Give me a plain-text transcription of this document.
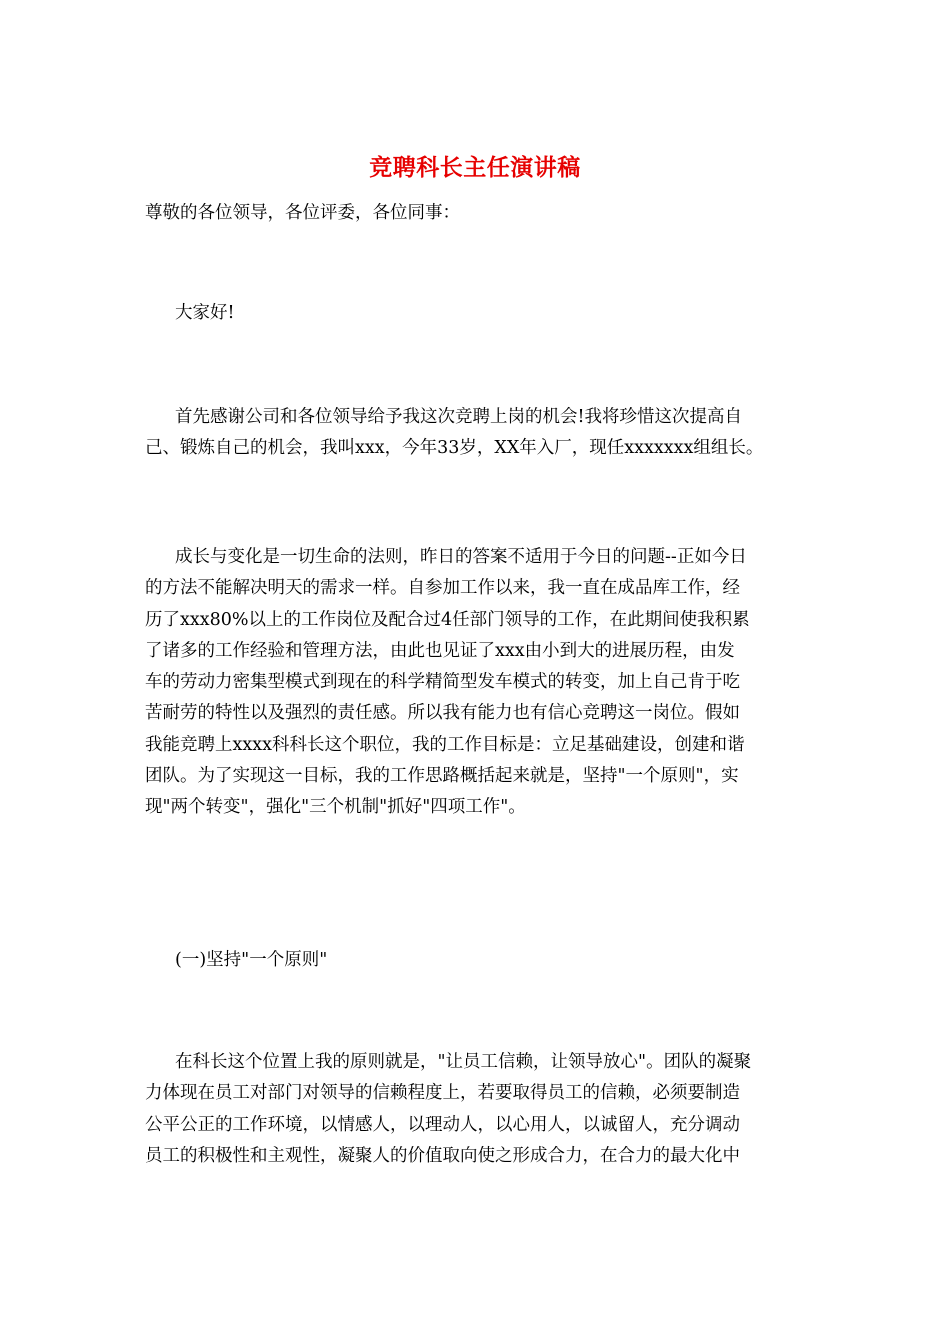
竞聘科长主任演讲稿

尊敬的各位领导，各位评委，各位同事：

大家好!

首先感谢公司和各位领导给予我这次竞聘上岗的机会!我将珍惜这次提高自
己、锻炼自己的机会，我叫xxx，今年33岁，XX年入厂，现任xxxxxxx组组长。
成长与变化是一切生命的法则，昨日的答案不适用于今日的问题--正如今日
的方法不能解决明天的需求一样。自参加工作以来，我一直在成品库工作，经
历了xxx80%以上的工作岗位及配合过4任部门领导的工作，在此期间使我积累
了诸多的工作经验和管理方法，由此也见证了xxx由小到大的进展历程，由发
车的劳动力密集型模式到现在的科学精简型发车模式的转变，加上自己肯于吃
苦耐劳的特性以及强烈的责任感。所以我有能力也有信心竞聘这一岗位。假如
我能竞聘上xxxx科科长这个职位，我的工作目标是：立足基础建设，创建和谐
团队。为了实现这一目标，我的工作思路概括起来就是，坚持"一个原则"，实
现"两个转变"，强化"三个机制"抓好"四项工作"。

(一)坚持"一个原则"

在科长这个位置上我的原则就是，"让员工信赖，让领导放心"。团队的凝聚
力体现在员工对部门对领导的信赖程度上，若要取得员工的信赖，必须要制造
公平公正的工作环境，以情感人，以理动人，以心用人，以诚留人，充分调动
员工的积极性和主观性，凝聚人的价值取向使之形成合力，在合力的最大化中
